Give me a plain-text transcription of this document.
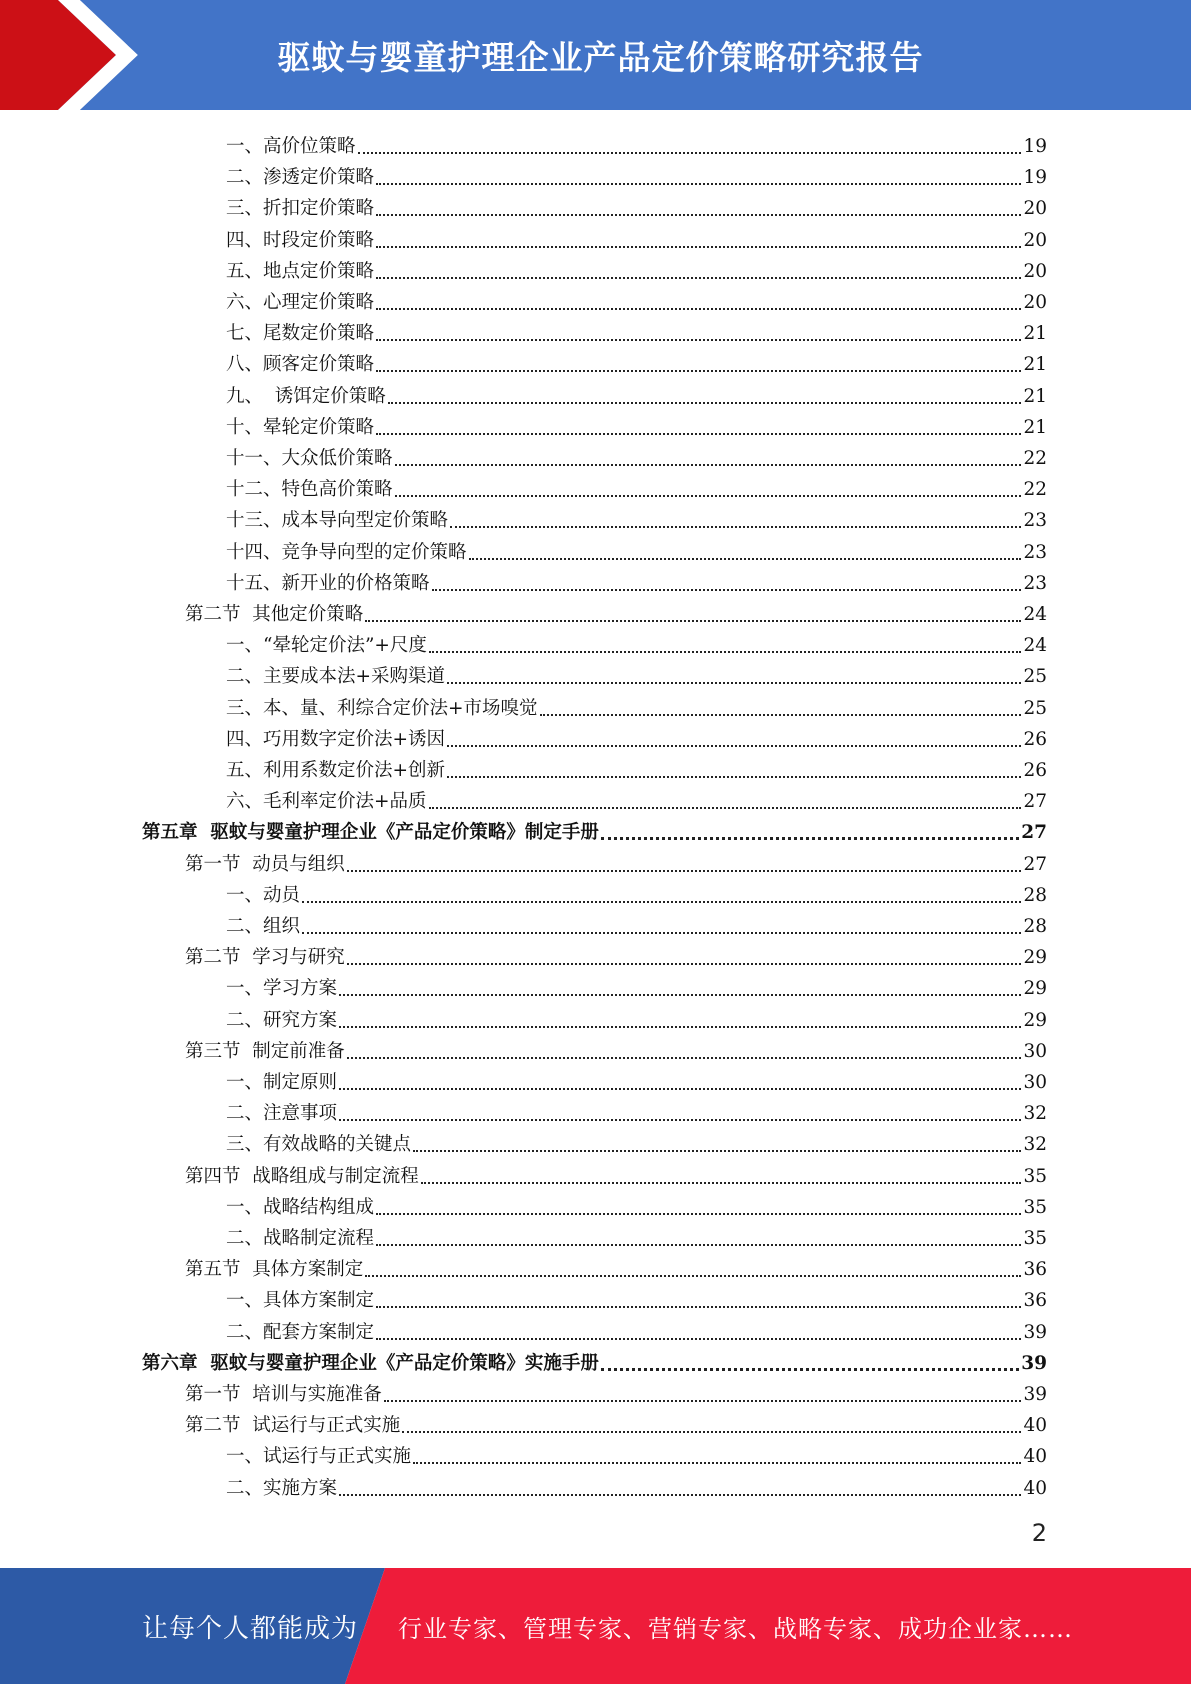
驱蚊与婴童护理企业产品定价策略研究报告
一、高价位策略	19
二、渗透定价策略	19
三、折扣定价策略	20
四、时段定价策略	20
五、地点定价策略	20
六、心理定价策略	20
七、尾数定价策略	21
八、顾客定价策略	21
九、  诱饵定价策略	21
十、晕轮定价策略	21
十一、大众低价策略	22
十二、特色高价策略	22
十三、成本导向型定价策略	23
十四、竞争导向型的定价策略	23
十五、新开业的价格策略	23
第二节  其他定价策略	24
一、“晕轮定价法”+尺度	24
二、主要成本法+采购渠道	25
三、本、量、利综合定价法+市场嗅觉	25
四、巧用数字定价法+诱因	26
五、利用系数定价法+创新	26
六、毛利率定价法+品质	27
第五章  驱蚊与婴童护理企业《产品定价策略》制定手册	27
第一节  动员与组织	27
一、动员	28
二、组织	28
第二节  学习与研究	29
一、学习方案	29
二、研究方案	29
第三节  制定前准备	30
一、制定原则	30
二、注意事项	32
三、有效战略的关键点	32
第四节  战略组成与制定流程	35
一、战略结构组成	35
二、战略制定流程	35
第五节  具体方案制定	36
一、具体方案制定	36
二、配套方案制定	39
第六章  驱蚊与婴童护理企业《产品定价策略》实施手册	39
第一节  培训与实施准备	39
第二节  试运行与正式实施	40
一、试运行与正式实施	40
二、实施方案	40
2
让每个人都能成为 行业专家、管理专家、营销专家、战略专家、成功企业家……
